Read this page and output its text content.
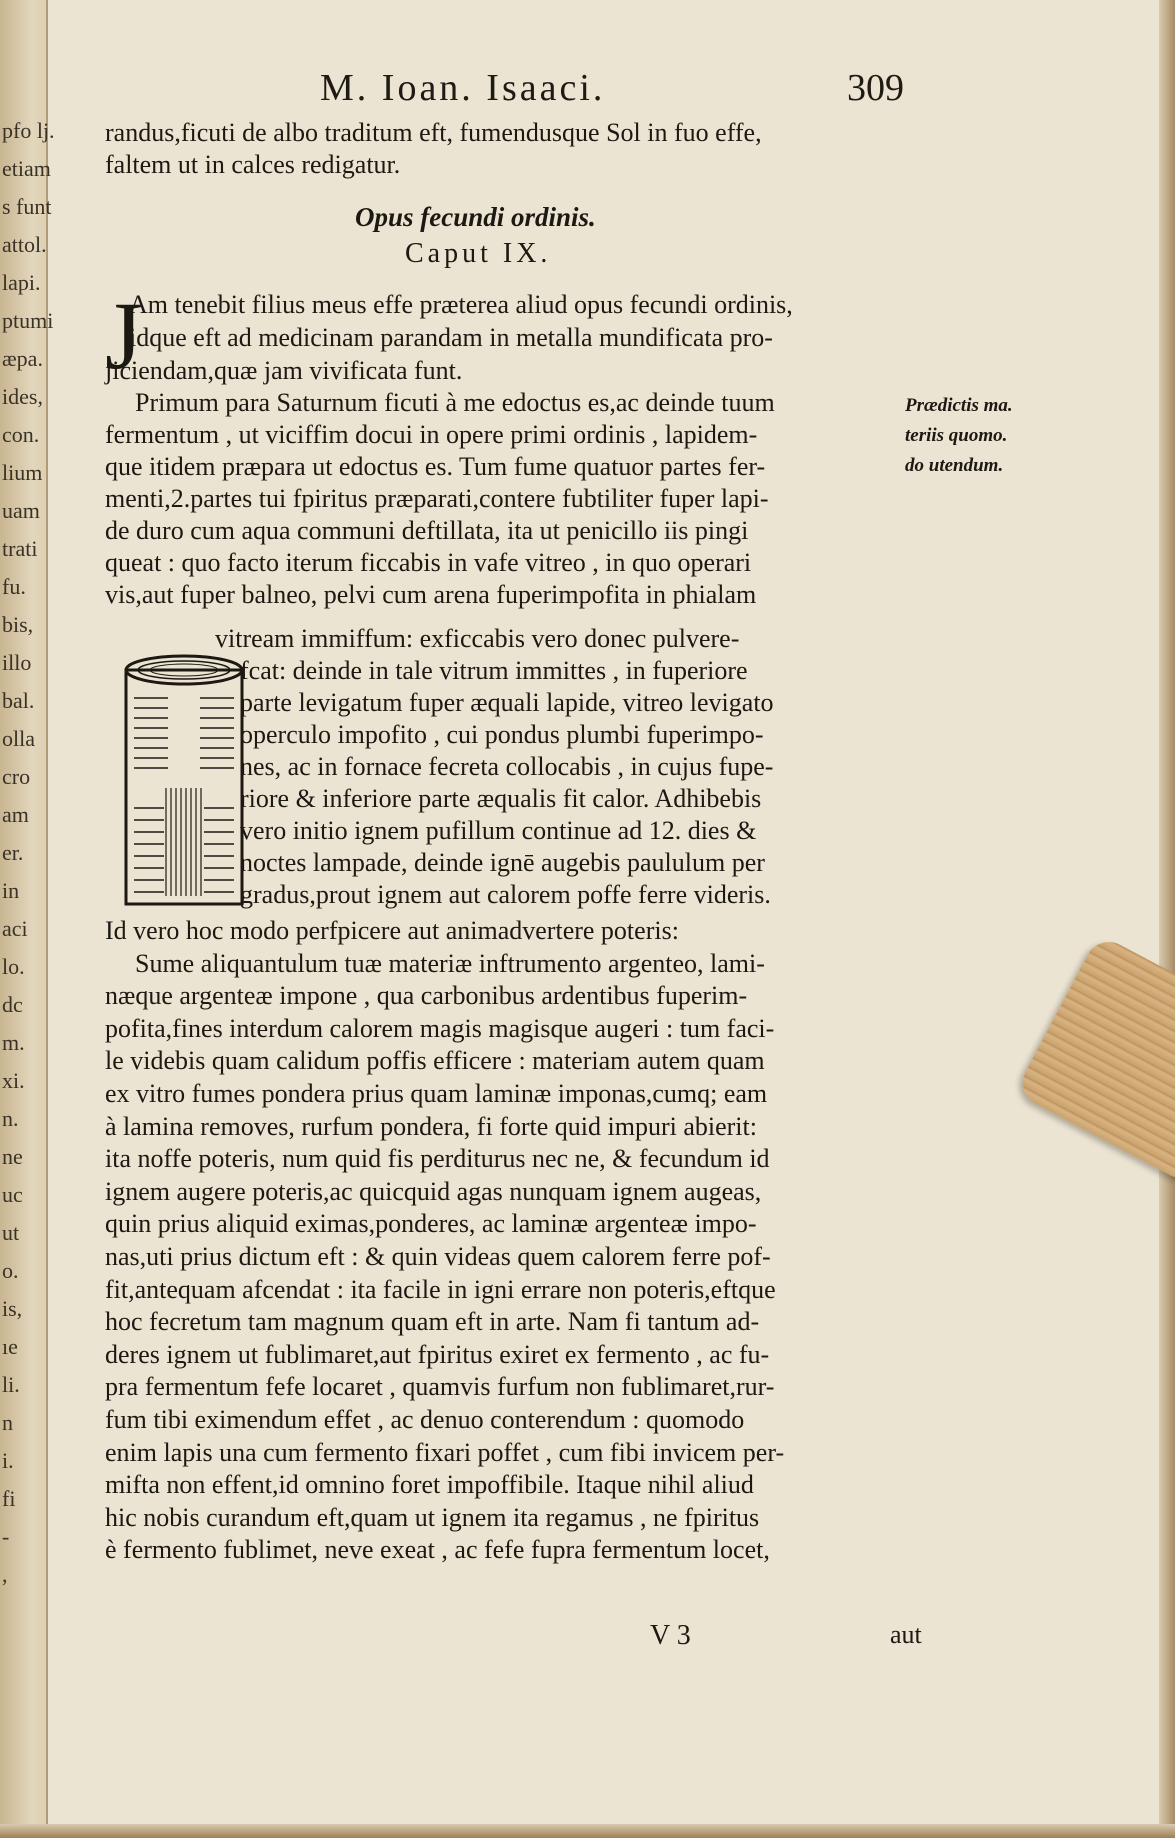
pfo lj.
etiam
s funt
attol.
lapi.
ptumi
æpa.
ides,
con.
lium
uam
trati
fu.
bis,
illo
bal.
olla
cro
am
er.
in
aci
lo.
dc
m.
xi.
n.
ne
uc
ut
o.
is,
ıe
li.
n
i.
fi
-
,
M. Ioan. Isaaci.	309
J
randus,ficuti de albo traditum eft, fumendusque Sol in fuo effe,
faltem ut in calces redigatur.
Opus fecundi ordinis.
Caput IX.
Am tenebit filius meus effe præterea aliud opus fecundi ordinis,
idque eft ad medicinam parandam in metalla mundificata pro-
jiciendam,quæ jam vivificata funt.
Primum para Saturnum ficuti à me edoctus es,ac deinde tuum
fermentum , ut viciffim docui in opere primi ordinis , lapidem-
que itidem præpara ut edoctus es. Tum fume quatuor partes fer-
menti,2.partes tui fpiritus præparati,contere fubtiliter fuper lapi-
de duro cum aqua communi deftillata, ita ut penicillo iis pingi
queat : quo facto iterum ficcabis in vafe vitreo , in quo operari
vis,aut fuper balneo, pelvi cum arena fuperimpofita in phialam
vitream immiffum: exficcabis vero donec pulvere-
fcat: deinde in tale vitrum immittes , in fuperiore
parte levigatum fuper æquali lapide, vitreo levigato
operculo impofito , cui pondus plumbi fuperimpo-
nes, ac in fornace fecreta collocabis , in cujus fupe-
riore & inferiore parte æqualis fit calor. Adhibebis
vero initio ignem pufillum continue ad 12. dies &
noctes lampade, deinde ignē augebis paululum per
gradus,prout ignem aut calorem poffe ferre videris.
Id vero hoc modo perfpicere aut animadvertere poteris:
Sume aliquantulum tuæ materiæ inftrumento argenteo, lami-
næque argenteæ impone , qua carbonibus ardentibus fuperim-
pofita,fines interdum calorem magis magisque augeri : tum faci-
le videbis quam calidum poffis efficere : materiam autem quam
ex vitro fumes pondera prius quam laminæ imponas,cumq; eam
à lamina removes, rurfum pondera, fi forte quid impuri abierit:
ita noffe poteris, num quid fis perditurus nec ne, & fecundum id
ignem augere poteris,ac quicquid agas nunquam ignem augeas,
quin prius aliquid eximas,ponderes, ac laminæ argenteæ impo-
nas,uti prius dictum eft : & quin videas quem calorem ferre pof-
fit,antequam afcendat : ita facile in igni errare non poteris,eftque
hoc fecretum tam magnum quam eft in arte. Nam fi tantum ad-
deres ignem ut fublimaret,aut fpiritus exiret ex fermento , ac fu-
pra fermentum fefe locaret , quamvis furfum non fublimaret,rur-
fum tibi eximendum effet , ac denuo conterendum : quomodo
enim lapis una cum fermento fixari poffet , cum fibi invicem per-
mifta non effent,id omnino foret impoffibile. Itaque nihil aliud
hic nobis curandum eft,quam ut ignem ita regamus , ne fpiritus
è fermento fublimet, neve exeat , ac fefe fupra fermentum locet,
Prædictis ma.
teriis quomo.
do utendum.
V 3	aut
